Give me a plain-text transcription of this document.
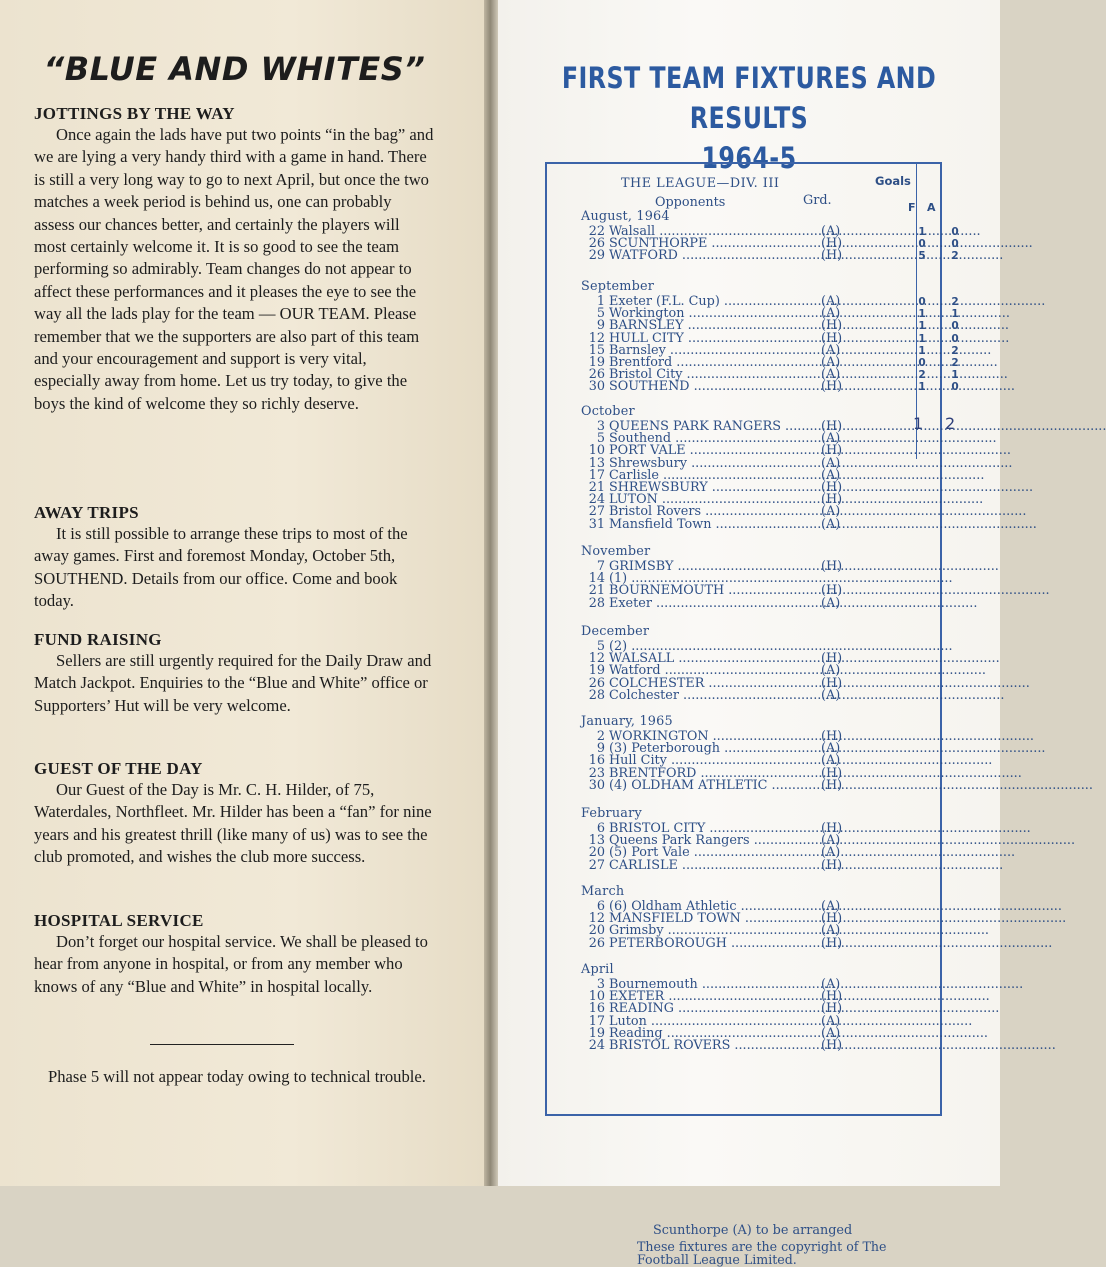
“BLUE AND WHITES”
JOTTINGS BY THE WAY

Once again the lads have put two points “in the bag” and we are lying a very handy third with a game in hand. There is still a very long way to go to next April, but once the two matches a week period is behind us, one can probably assess our chances better, and certainly the players will most certainly welcome it. It is so good to see the team performing so admirably. Team changes do not appear to affect these performances and it pleases the eye to see the way all the lads play for the team — OUR TEAM. Please remember that we the supporters are also part of this team and your encouragement and support is very vital, especially away from home. Let us try today, to give the boys the kind of welcome they so richly deserve.

AWAY TRIPS

It is still possible to arrange these trips to most of the away games. First and foremost Monday, October 5th, SOUTHEND. Details from our office. Come and book today.

FUND RAISING

Sellers are still urgently required for the Daily Draw and Match Jackpot. Enquiries to the “Blue and White” office or Supporters’ Hut will be very welcome.

GUEST OF THE DAY

Our Guest of the Day is Mr. C. H. Hilder, of 75, Waterdales, Northfleet. Mr. Hilder has been a “fan” for nine years and his greatest thrill (like many of us) was to see the club promoted, and wishes the club more success.

HOSPITAL SERVICE

Don’t forget our hospital service. We shall be pleased to hear from anyone in hospital, or from any member who knows of any “Blue and White” in hospital locally.

Phase 5 will not appear today owing to technical trouble.

FIRST TEAM FIXTURES AND RESULTS
1964-5
THE LEAGUE—DIV. III	Goals
Opponents	Grd.	F A
1 2
Scunthorpe (A) to be arranged
These fixtures are the copyright of The Football League Limited.
August, 1964
22 Walsall .....	(A)	1	0
26 SCUNTHORPE .....	(H)	0	0
29 WATFORD .....	(H)	5	2
September
1 Exeter (F.L. Cup) .....	(A)	0	2
5 Workington .....	(A)	1	1
9 BARNSLEY .....	(H)	1	0
12 HULL CITY .....	(H)	1	0
15 Barnsley .....	(A)	1	2
19 Brentford .....	(A)	0	2
26 Bristol City .....	(A)	2	1
30 SOUTHEND .....	(H)	1	0
October
3 QUEENS PARK RANGERS .....	(H)
5 Southend .....	(A)
10 PORT VALE .....	(H)
13 Shrewsbury .....	(A)
17 Carlisle .....	(A)
21 SHREWSBURY .....	(H)
24 LUTON .....	(H)
27 Bristol Rovers .....	(A)
31 Mansfield Town .....	(A)
November
7 GRIMSBY .....	(H)
14 (1) .....
21 BOURNEMOUTH .....	(H)
28 Exeter .....	(A)
December
5 (2) .....
12 WALSALL .....	(H)
19 Watford .....	(A)
26 COLCHESTER .....	(H)
28 Colchester .....	(A)
January, 1965
2 WORKINGTON .....	(H)
9 (3) Peterborough .....	(A)
16 Hull City .....	(A)
23 BRENTFORD .....	(H)
30 (4) OLDHAM ATHLETIC .....	(H)
February
6 BRISTOL CITY .....	(H)
13 Queens Park Rangers .....	(A)
20 (5) Port Vale .....	(A)
27 CARLISLE .....	(H)
March
6 (6) Oldham Athletic .....	(A)
12 MANSFIELD TOWN .....	(H)
20 Grimsby .....	(A)
26 PETERBOROUGH .....	(H)
April
3 Bournemouth .....	(A)
10 EXETER .....	(H)
16 READING .....	(H)
17 Luton .....	(A)
19 Reading .....	(A)
24 BRISTOL ROVERS .....	(H)
